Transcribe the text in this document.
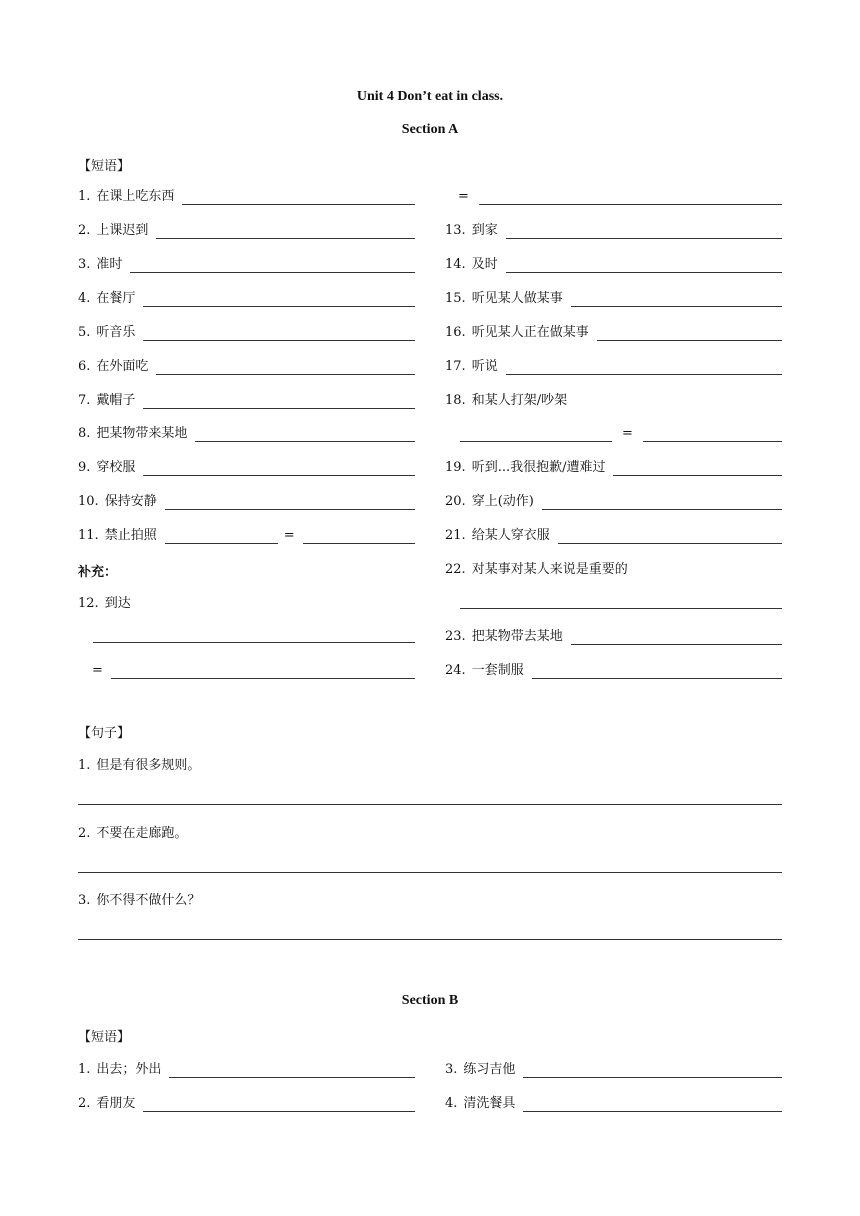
Unit 4 Don’t eat in class.
Section A
【短语】
1. 在课上吃东西
2. 上课迟到
3. 准时
4. 在餐厅
5. 听音乐
6. 在外面吃
7. 戴帽子
8. 把某物带来某地
9. 穿校服
10. 保持安静
11. 禁止拍照	=
补充：
12. 到达
=
=
13. 到家
14. 及时
15. 听见某人做某事
16. 听见某人正在做某事
17. 听说
18. 和某人打架/吵架
=
19. 听到...我很抱歉/遭难过
20. 穿上(动作)
21. 给某人穿衣服
22. 对某事对某人来说是重要的
23. 把某物带去某地
24. 一套制服
【句子】
1. 但是有很多规则。
2. 不要在走廊跑。
3. 你不得不做什么？
Section B
【短语】
1. 出去；外出
2. 看朋友
3. 练习吉他
4. 清洗餐具
